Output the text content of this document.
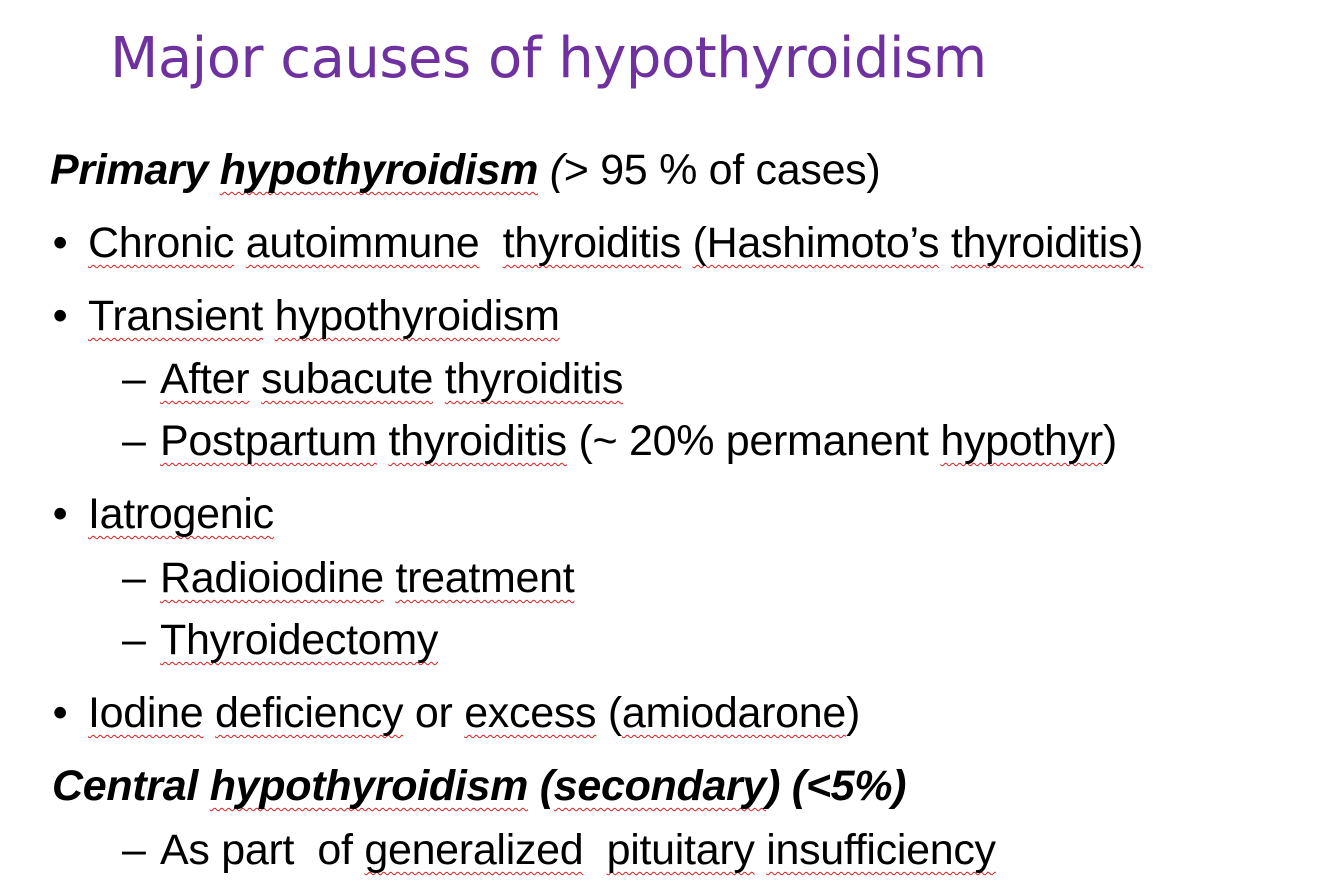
Major causes of hypothyroidism
Primary hypothyroidism (> 95 % of cases)
• Chronic autoimmune thyroiditis (Hashimoto’s thyroiditis)
• Transient hypothyroidism
– After subacute thyroiditis
– Postpartum thyroiditis (~ 20% permanent hypothyr)
• Iatrogenic
– Radioiodine treatment
– Thyroidectomy
• Iodine deficiency or excess (amiodarone)
Central hypothyroidism (secondary) (<5%)
– As part of generalized pituitary insufficiency
